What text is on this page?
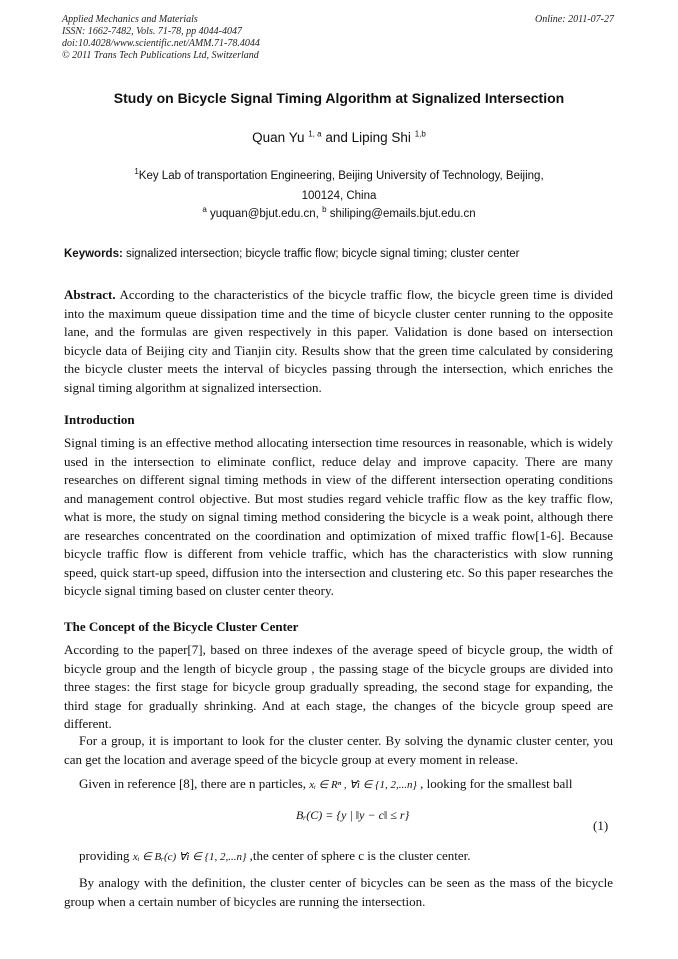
Applied Mechanics and Materials
ISSN: 1662-7482, Vols. 71-78, pp 4044-4047
doi:10.4028/www.scientific.net/AMM.71-78.4044
© 2011 Trans Tech Publications Ltd, Switzerland
Online: 2011-07-27
Study on Bicycle Signal Timing Algorithm at Signalized Intersection
Quan Yu $^{1, a}$ and Liping Shi $^{1,b}$
$^1$Key Lab of transportation Engineering, Beijing University of Technology, Beijing,
100124, China
$^a$ yuquan@bjut.edu.cn, $^b$ shiliping@emails.bjut.edu.cn
Keywords: signalized intersection; bicycle traffic flow; bicycle signal timing; cluster center
Abstract. According to the characteristics of the bicycle traffic flow, the bicycle green time is divided into the maximum queue dissipation time and the time of bicycle cluster center running to the opposite lane, and the formulas are given respectively in this paper. Validation is done based on intersection bicycle data of Beijing city and Tianjin city. Results show that the green time calculated by considering the bicycle cluster meets the interval of bicycles passing through the intersection, which enriches the signal timing algorithm at signalized intersection.
Introduction
Signal timing is an effective method allocating intersection time resources in reasonable, which is widely used in the intersection to eliminate conflict, reduce delay and improve capacity. There are many researches on different signal timing methods in view of the different intersection operating conditions and management control objective. But most studies regard vehicle traffic flow as the key traffic flow, what is more, the study on signal timing method considering the bicycle is a weak point, although there are researches concentrated on the coordination and optimization of mixed traffic flow[1-6]. Because bicycle traffic flow is different from vehicle traffic, which has the characteristics with slow running speed, quick start-up speed, diffusion into the intersection and clustering etc. So this paper researches the bicycle signal timing based on cluster center theory.
The Concept of the Bicycle Cluster Center
According to the paper[7], based on three indexes of the average speed of bicycle group, the width of bicycle group and the length of bicycle group , the passing stage of the bicycle groups are divided into three stages: the first stage for bicycle group gradually spreading, the second stage for expanding, the third stage for gradually shrinking. And at each stage, the changes of the bicycle group speed are different.
For a group, it is important to look for the cluster center. By solving the dynamic cluster center, you can get the location and average speed of the bicycle group at every moment in release.
Given in reference [8], there are n particles, xᵢ ∈ Rⁿ , ∀i ∈ {1, 2,...n} , looking for the smallest ball
Bᵣ(C) = {y | ‖y − c‖ ≤ r}
(1)
providing xᵢ ∈ Bᵣ(c) ∀i ∈ {1, 2,...n} ,the center of sphere c is the cluster center.
By analogy with the definition, the cluster center of bicycles can be seen as the mass of the bicycle group when a certain number of bicycles are running the intersection.
